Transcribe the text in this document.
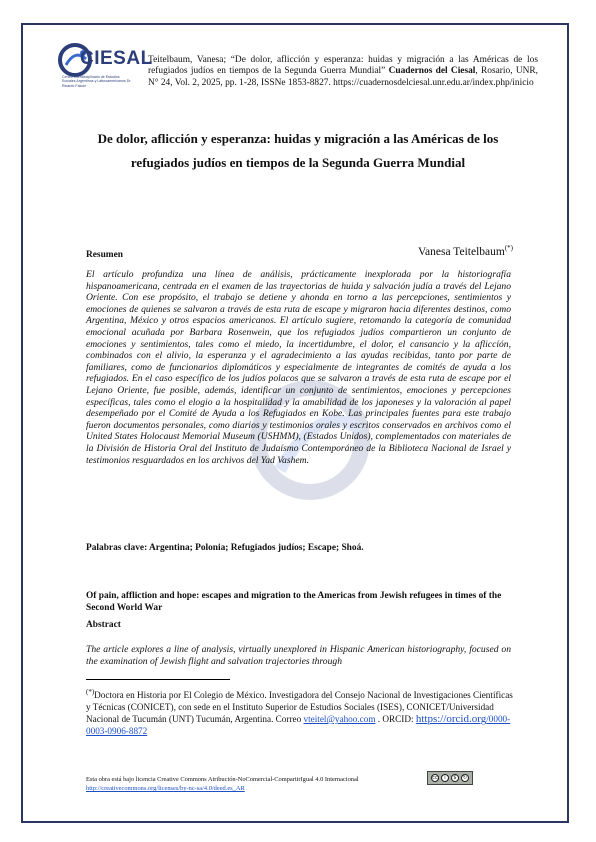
CIESAL
Centro Interdisciplinario de Estudios Sociales Argentinos y Latinoamericanos Dr. Ricardo Falcón
Teitelbaum, Vanesa; “De dolor, aflicción y esperanza: huidas y migración a las Américas de los refugiados judíos en tiempos de la Segunda Guerra Mundial” Cuadernos del Ciesal, Rosario, UNR, N° 24, Vol. 2, 2025, pp. 1-28, ISSNe 1853-8827. https://cuadernosdelciesal.unr.edu.ar/index.php/inicio
De dolor, aflicción y esperanza: huidas y migración a las Américas de los refugiados judíos en tiempos de la Segunda Guerra Mundial
Vanesa Teitelbaum(*)
Resumen
El artículo profundiza una línea de análisis, prácticamente inexplorada por la historiografía hispanoamericana, centrada en el examen de las trayectorias de huida y salvación judía a través del Lejano Oriente. Con ese propósito, el trabajo se detiene y ahonda en torno a las percepciones, sentimientos y emociones de quienes se salvaron a través de esta ruta de escape y migraron hacia diferentes destinos, como Argentina, México y otros espacios americanos. El artículo sugiere, retomando la categoría de comunidad emocional acuñada por Barbara Rosenwein, que los refugiados judíos compartieron un conjunto de emociones y sentimientos, tales como el miedo, la incertidumbre, el dolor, el cansancio y la aflicción, combinados con el alivio, la esperanza y el agradecimiento a las ayudas recibidas, tanto por parte de familiares, como de funcionarios diplomáticos y especialmente de integrantes de comités de ayuda a los refugiados. En el caso específico de los judíos polacos que se salvaron a través de esta ruta de escape por el Lejano Oriente, fue posible, además, identificar un conjunto de sentimientos, emociones y percepciones específicas, tales como el elogio a la hospitalidad y la amabilidad de los japoneses y la valoración al papel desempeñado por el Comité de Ayuda a los Refugiados en Kobe. Las principales fuentes para este trabajo fueron documentos personales, como diarios y testimonios orales y escritos conservados en archivos como el United States Holocaust Memorial Museum (USHMM), (Estados Unidos), complementados con materiales de la División de Historia Oral del Instituto de Judaísmo Contemporáneo de la Biblioteca Nacional de Israel y testimonios resguardados en los archivos del Yad Vashem.
Palabras clave: Argentina; Polonia; Refugiados judíos; Escape; Shoá.
Of pain, affliction and hope: escapes and migration to the Americas from Jewish refugees in times of the Second World War
Abstract
The article explores a line of analysis, virtually unexplored in Hispanic American historiography, focused on the examination of Jewish flight and salvation trajectories through
(*)Doctora en Historia por El Colegio de México. Investigadora del Consejo Nacional de Investigaciones Científicas y Técnicas (CONICET), con sede en el Instituto Superior de Estudios Sociales (ISES), CONICET/Universidad Nacional de Tucumán (UNT) Tucumán, Argentina. Correo vteitel@yahoo.com . ORCID: https://orcid.org/0000-0003-0906-8872
Esta obra está bajo licencia Creative Commons Atribución-NoComercial-CompartirIgual 4.0 Internacional
http://creativecommons.org/licenses/by-nc-sa/4.0/deed.es_AR
cc	i	$	↻
